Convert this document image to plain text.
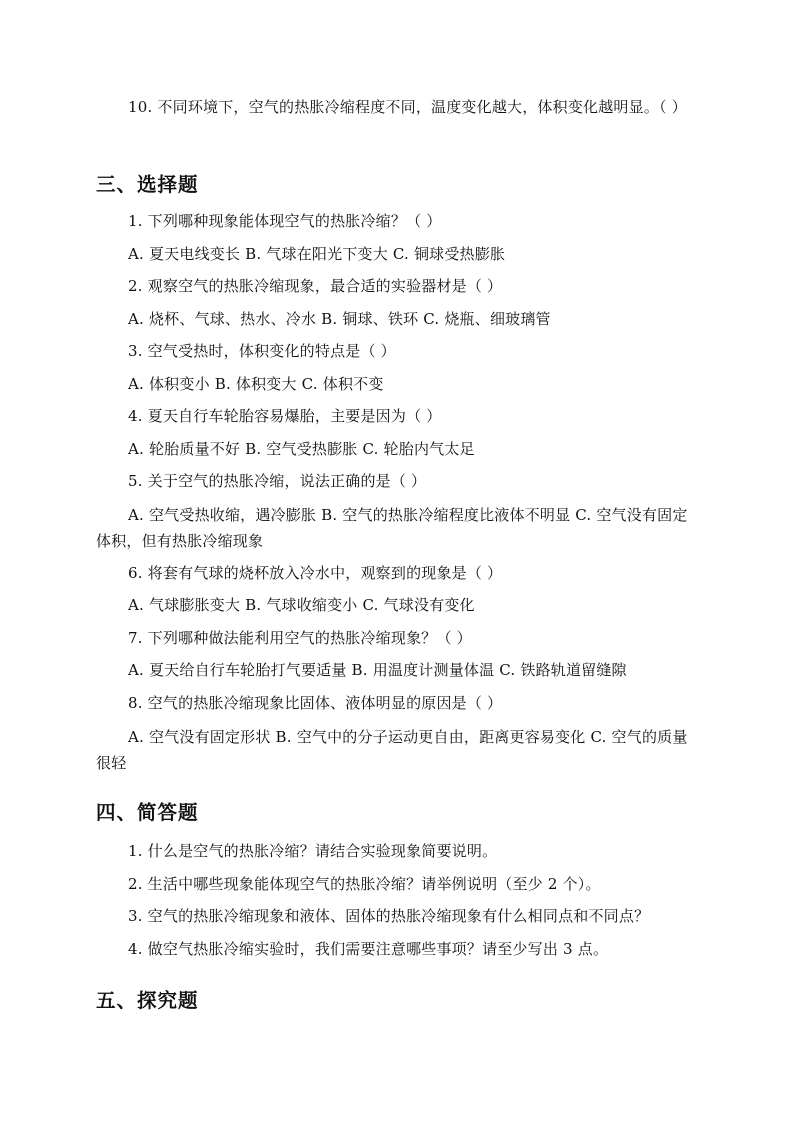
10. 不同环境下，空气的热胀冷缩程度不同，温度变化越大，体积变化越明显。（ ）

三、选择题

1. 下列哪种现象能体现空气的热胀冷缩？（ ）

A. 夏天电线变长 B. 气球在阳光下变大 C. 铜球受热膨胀

2. 观察空气的热胀冷缩现象，最合适的实验器材是（ ）

A. 烧杯、气球、热水、冷水 B. 铜球、铁环 C. 烧瓶、细玻璃管

3. 空气受热时，体积变化的特点是（ ）

A. 体积变小 B. 体积变大 C. 体积不变

4. 夏天自行车轮胎容易爆胎，主要是因为（ ）

A. 轮胎质量不好 B. 空气受热膨胀 C. 轮胎内气太足

5. 关于空气的热胀冷缩，说法正确的是（ ）

A. 空气受热收缩，遇冷膨胀 B. 空气的热胀冷缩程度比液体不明显 C. 空气没有固定体积，但有热胀冷缩现象

6. 将套有气球的烧杯放入冷水中，观察到的现象是（ ）

A. 气球膨胀变大 B. 气球收缩变小 C. 气球没有变化

7. 下列哪种做法能利用空气的热胀冷缩现象？（ ）

A. 夏天给自行车轮胎打气要适量 B. 用温度计测量体温 C. 铁路轨道留缝隙

8. 空气的热胀冷缩现象比固体、液体明显的原因是（ ）

A. 空气没有固定形状 B. 空气中的分子运动更自由，距离更容易变化 C. 空气的质量很轻

四、简答题

1. 什么是空气的热胀冷缩？请结合实验现象简要说明。

2. 生活中哪些现象能体现空气的热胀冷缩？请举例说明（至少 2 个）。

3. 空气的热胀冷缩现象和液体、固体的热胀冷缩现象有什么相同点和不同点？

4. 做空气热胀冷缩实验时，我们需要注意哪些事项？请至少写出 3 点。

五、探究题
